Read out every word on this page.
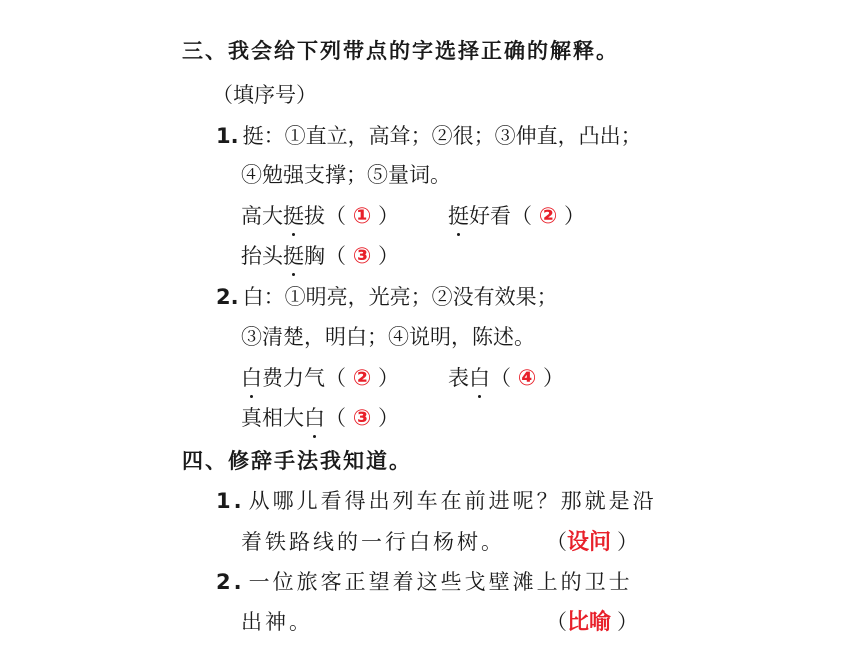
三、我会给下列带点的字选择正确的解释。
（填序号）
1. 挺：①直立，高耸；②很；③伸直，凸出；
④勉强支撑；⑤量词。
高大挺拔（ ① ） 挺好看（ ② ）
抬头挺胸（ ③ ）
2. 白：①明亮，光亮；②没有效果；
③清楚，明白；④说明，陈述。
白费力气（ ② ） 表白（ ④ ）
真相大白（ ③ ）
四、修辞手法我知道。
1. 从哪儿看得出列车在前进呢？那就是沿
着铁路线的一行白杨树。 （设问 ）
2. 一位旅客正望着这些戈壁滩上的卫士
出神。	（比喻 ）
